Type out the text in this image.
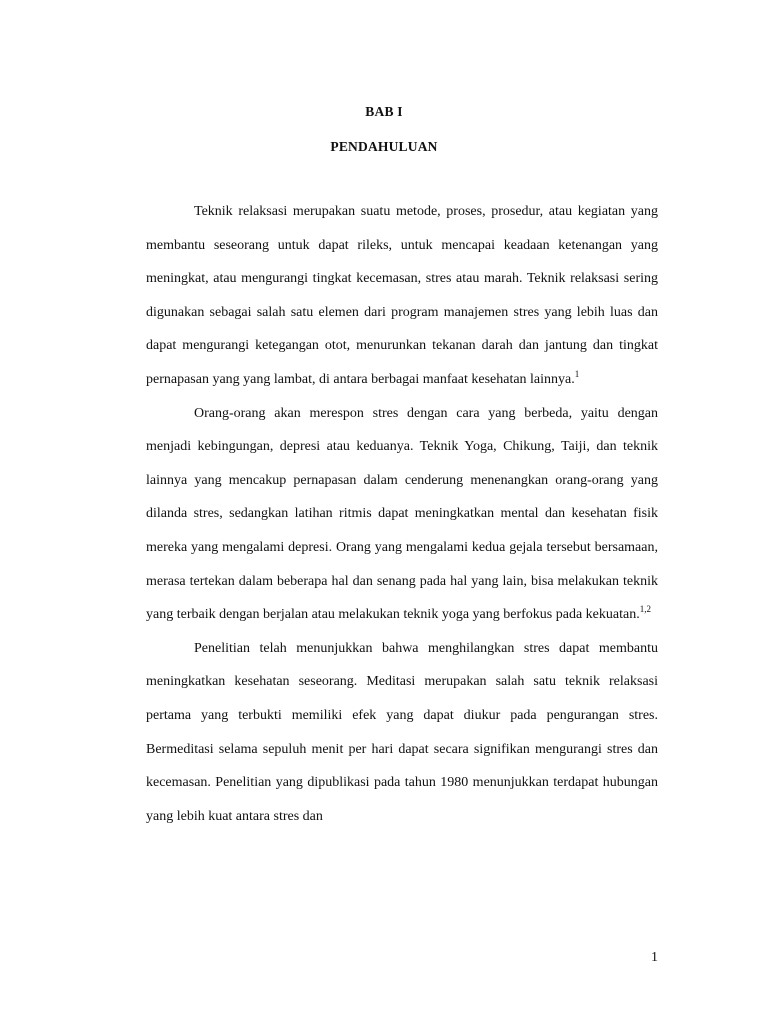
BAB I
PENDAHULUAN

Teknik relaksasi merupakan suatu metode, proses, prosedur, atau kegiatan yang membantu seseorang untuk dapat rileks, untuk mencapai keadaan ketenangan yang meningkat, atau mengurangi tingkat kecemasan, stres atau marah. Teknik relaksasi sering digunakan sebagai salah satu elemen dari program manajemen stres yang lebih luas dan dapat mengurangi ketegangan otot, menurunkan tekanan darah dan jantung dan tingkat pernapasan yang yang lambat, di antara berbagai manfaat kesehatan lainnya.$^1$

Orang-orang akan merespon stres dengan cara yang berbeda, yaitu dengan menjadi kebingungan, depresi atau keduanya. Teknik Yoga, Chikung, Taiji, dan teknik lainnya yang mencakup pernapasan dalam cenderung menenangkan orang-orang yang dilanda stres, sedangkan latihan ritmis dapat meningkatkan mental dan kesehatan fisik mereka yang mengalami depresi. Orang yang mengalami kedua gejala tersebut bersamaan, merasa tertekan dalam beberapa hal dan senang pada hal yang lain, bisa melakukan teknik yang terbaik dengan berjalan atau melakukan teknik yoga yang berfokus pada kekuatan.$^{1,2}$

Penelitian telah menunjukkan bahwa menghilangkan stres dapat membantu meningkatkan kesehatan seseorang. Meditasi merupakan salah satu teknik relaksasi pertama yang terbukti memiliki efek yang dapat diukur pada pengurangan stres. Bermeditasi selama sepuluh menit per hari dapat secara signifikan mengurangi stres dan kecemasan. Penelitian yang dipublikasi pada tahun 1980 menunjukkan terdapat hubungan yang lebih kuat antara stres dan

1
